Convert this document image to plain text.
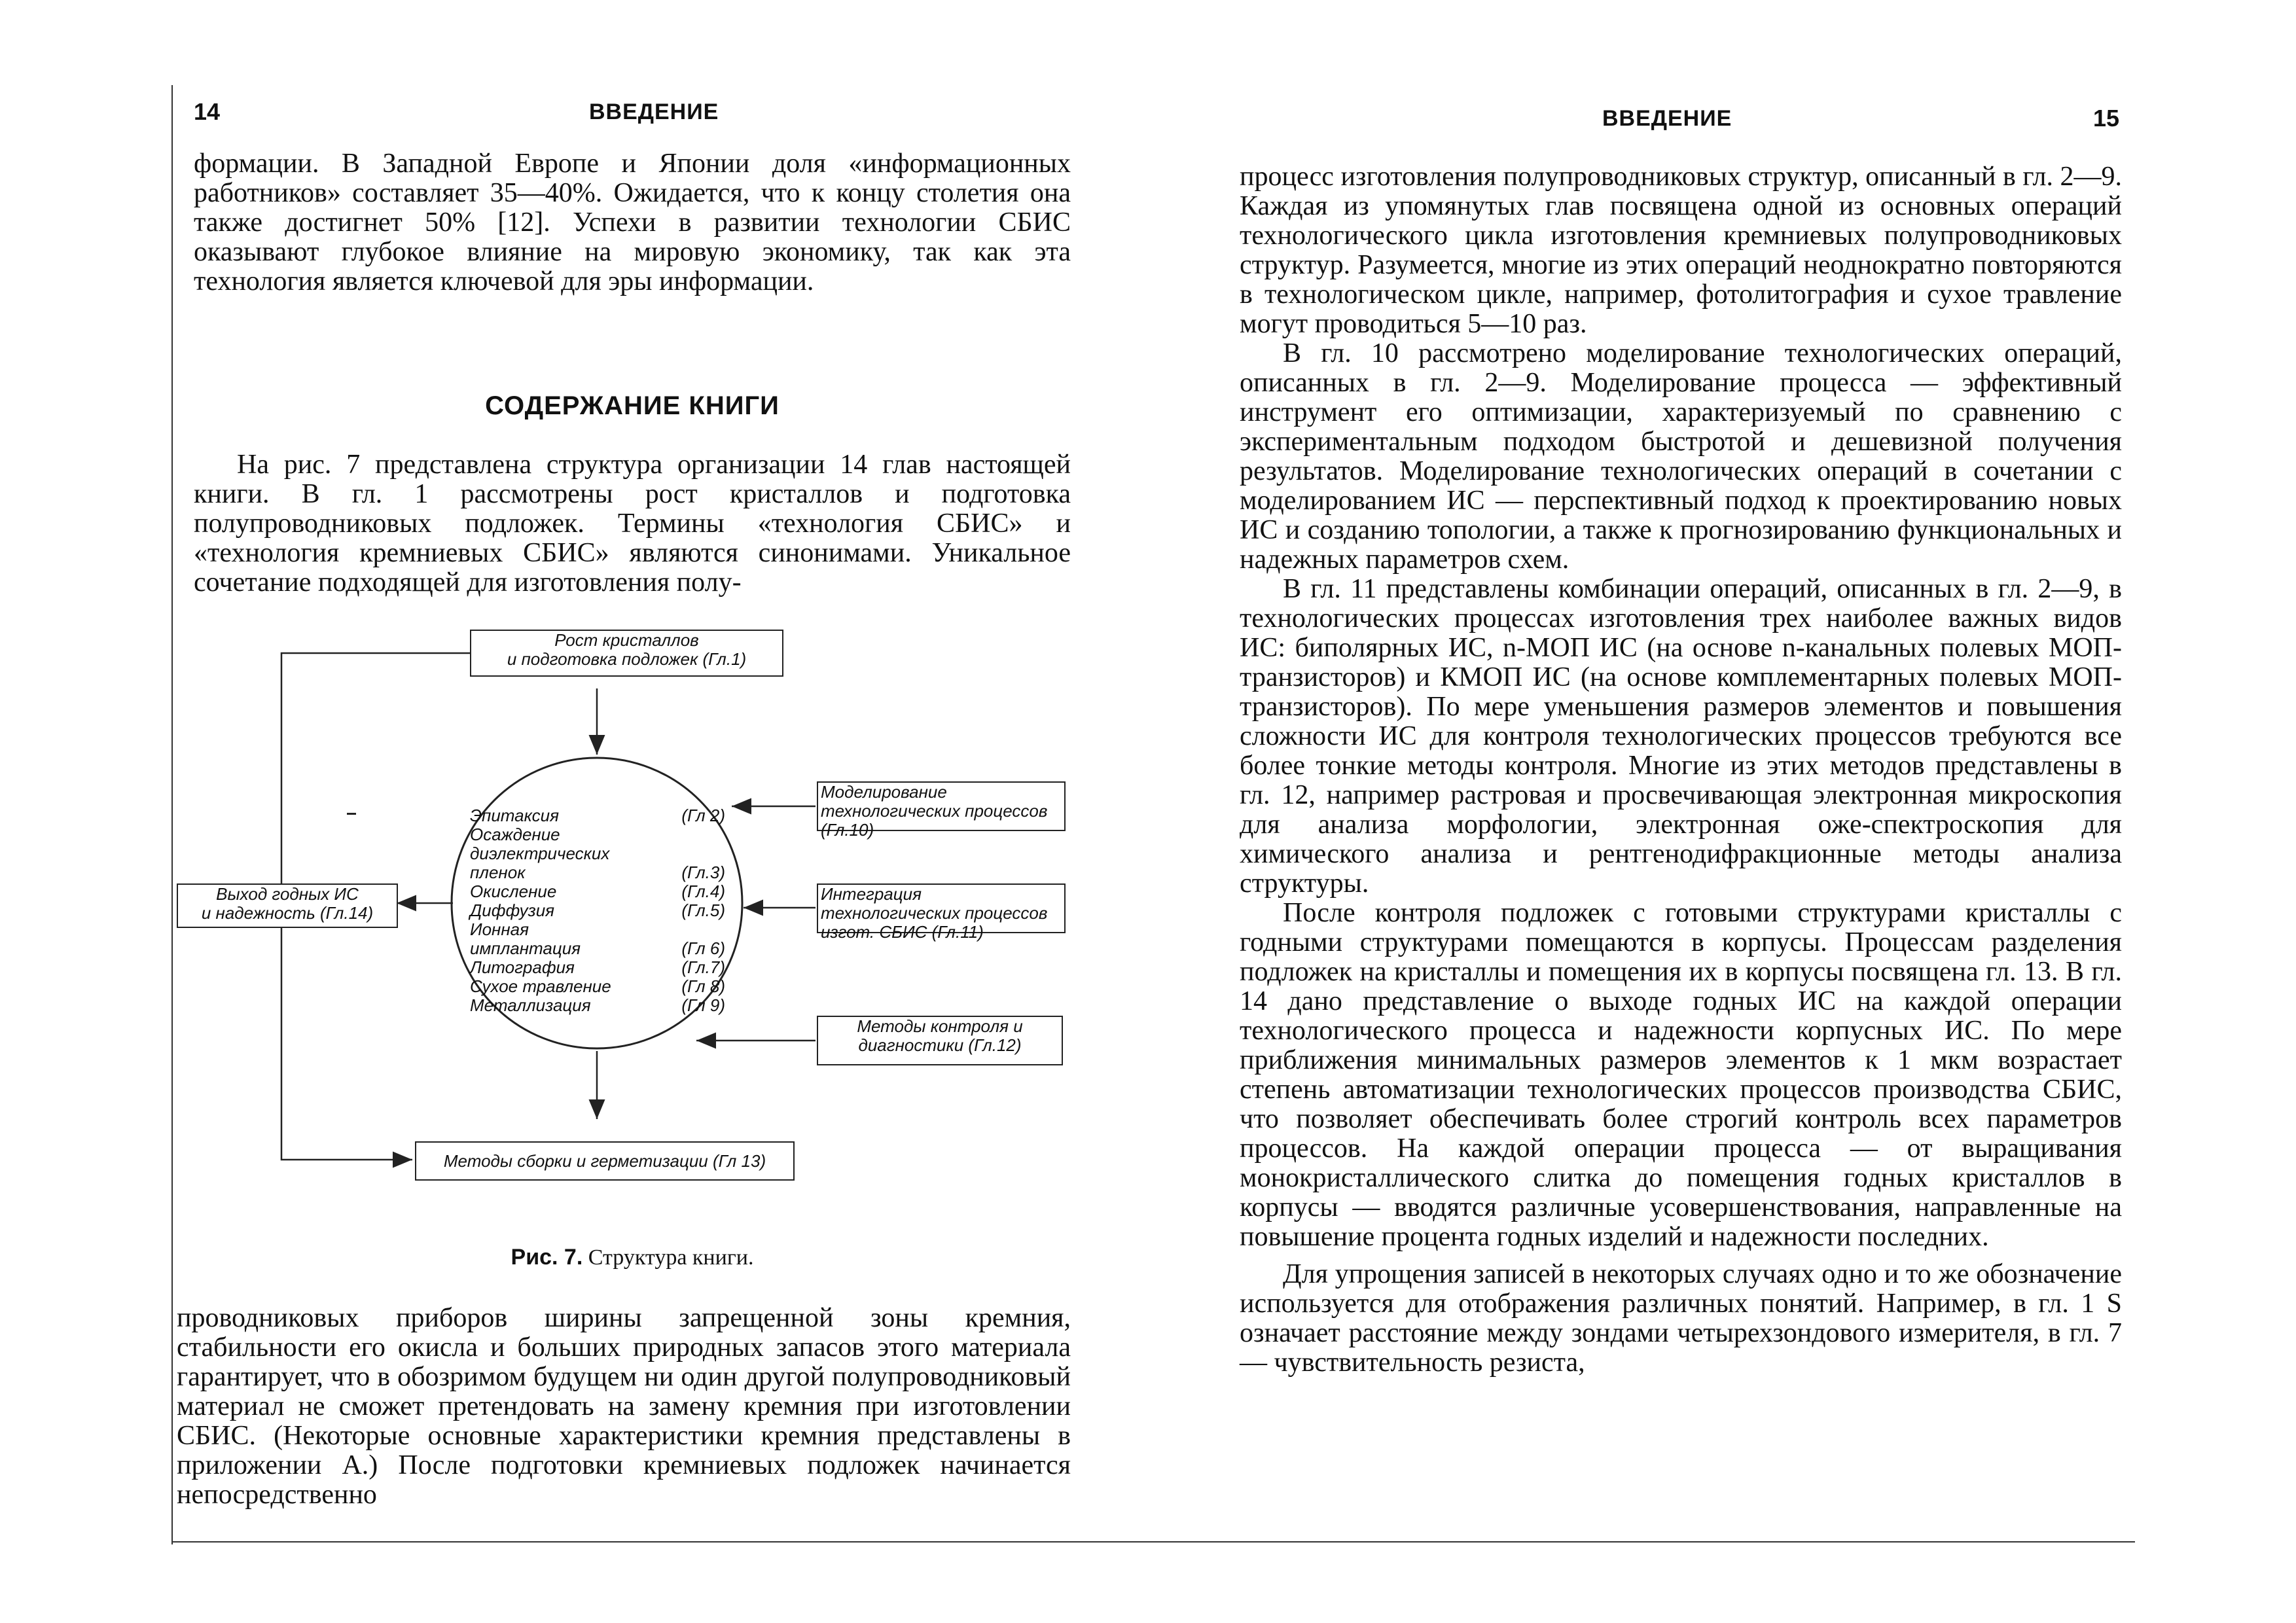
14	ВВЕДЕНИЕ

формации. В Западной Европе и Японии доля «информационных работников» составляет 35—40%. Ожидается, что к концу столетия она также достигнет 50% [12]. Успехи в развитии технологии СБИС оказывают глубокое влияние на мировую экономику, так как эта технология является ключевой для эры информации.

СОДЕРЖАНИЕ КНИГИ

На рис. 7 представлена структура организации 14 глав настоящей книги. В гл. 1 рассмотрены рост кристаллов и подготовка полупроводниковых подложек. Термины «технология СБИС» и «технология кремниевых СБИС» являются синонимами. Уникальное сочетание подходящей для изготовления полу-

Рост кристаллов
и подготовка подложек (Гл.1)
Выход годных ИС
и надежность (Гл.14)
Моделирование технологических процессов (Гл.10)
Интеграция технологических процессов изгот. СБИС (Гл.11)
Методы контроля и
диагностики (Гл.12)
Методы сборки и герметизации (Гл 13)
Эпитаксия	(Гл 2)
Осаждение
диэлектрических
пленок	(Гл.3)
Окисление	(Гл.4)
Диффузия	(Гл.5)
Ионная
имплантация	(Гл 6)
Литография	(Гл.7)
Сухое травление	(Гл 8)
Металлизация	(Гл 9)
Рис. 7. Структура книги.

проводниковых приборов ширины запрещенной зоны кремния, стабильности его окисла и больших природных запасов этого материала гарантирует, что в обозримом будущем ни один другой полупроводниковый материал не сможет претендовать на замену кремния при изготовлении СБИС. (Некоторые основные характеристики кремния представлены в приложении А.) После подготовки кремниевых подложек начинается непосредственно

ВВЕДЕНИЕ	15

процесс изготовления полупроводниковых структур, описанный в гл. 2—9. Каждая из упомянутых глав посвящена одной из основных операций технологического цикла изготовления кремниевых полупроводниковых структур. Разумеется, многие из этих операций неоднократно повторяются в технологическом цикле, например, фотолитография и сухое травление могут проводиться 5—10 раз.

В гл. 10 рассмотрено моделирование технологических операций, описанных в гл. 2—9. Моделирование процесса — эффективный инструмент его оптимизации, характеризуемый по сравнению с экспериментальным подходом быстротой и дешевизной получения результатов. Моделирование технологических операций в сочетании с моделированием ИС — перспективный подход к проектированию новых ИС и созданию топологии, а также к прогнозированию функциональных и надежных параметров схем.

В гл. 11 представлены комбинации операций, описанных в гл. 2—9, в технологических процессах изготовления трех наиболее важных видов ИС: биполярных ИС, n-МОП ИС (на основе n-канальных полевых МОП-транзисторов) и КМОП ИС (на основе комплементарных полевых МОП-транзисторов). По мере уменьшения размеров элементов и повышения сложности ИС для контроля технологических процессов требуются все более тонкие методы контроля. Многие из этих методов представлены в гл. 12, например растровая и просвечивающая электронная микроскопия для анализа морфологии, электронная оже-спектроскопия для химического анализа и рентгенодифракционные методы анализа структуры.

После контроля подложек с готовыми структурами кристаллы с годными структурами помещаются в корпусы. Процессам разделения подложек на кристаллы и помещения их в корпусы посвящена гл. 13. В гл. 14 дано представление о выходе годных ИС на каждой операции технологического процесса и надежности корпусных ИС. По мере приближения минимальных размеров элементов к 1 мкм возрастает степень автоматизации технологических процессов производства СБИС, что позволяет обеспечивать более строгий контроль всех параметров процессов. На каждой операции процесса — от выращивания монокристаллического слитка до помещения годных кристаллов в корпусы — вводятся различные усовершенствования, направленные на повышение процента годных изделий и надежности последних.

Для упрощения записей в некоторых случаях одно и то же обозначение используется для отображения различных понятий. Например, в гл. 1 S означает расстояние между зондами четырехзондового измерителя, в гл. 7 — чувствительность резиста,
